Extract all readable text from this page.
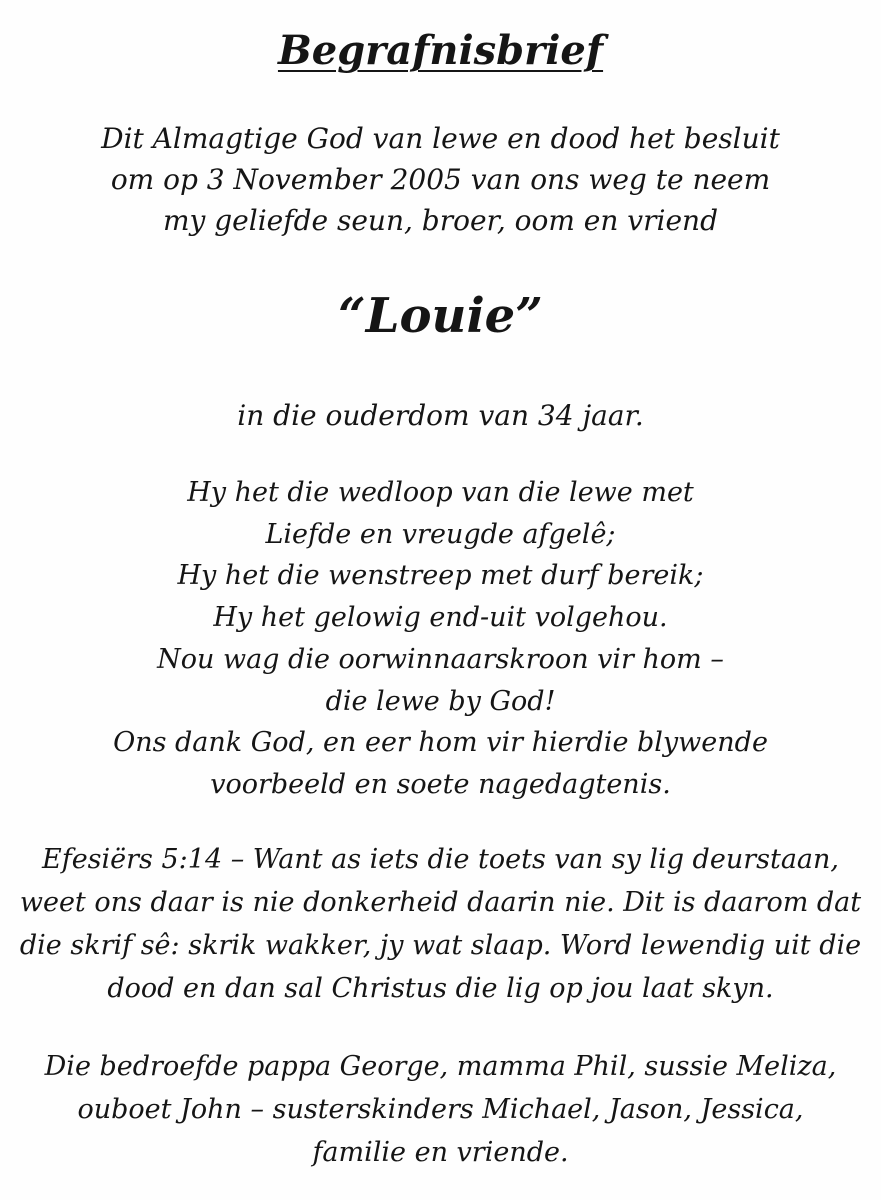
Begrafnisbrief
Dit Almagtige God van lewe en dood het besluit
om op 3 November 2005 van ons weg te neem
my geliefde seun, broer, oom en vriend
“Louie”
in die ouderdom van 34 jaar.
Hy het die wedloop van die lewe met
Liefde en vreugde afgelê;
Hy het die wenstreep met durf bereik;
Hy het gelowig end-uit volgehou.
Nou wag die oorwinnaarskroon vir hom –
die lewe by God!
Ons dank God, en eer hom vir hierdie blywende
voorbeeld en soete nagedagtenis.
Efesiërs 5:14 – Want as iets die toets van sy lig deurstaan,
weet ons daar is nie donkerheid daarin nie. Dit is daarom dat
die skrif sê: skrik wakker, jy wat slaap. Word lewendig uit die
dood en dan sal Christus die lig op jou laat skyn.
Die bedroefde pappa George, mamma Phil, sussie Meliza,
ouboet John – susterskinders Michael, Jason, Jessica,
familie en vriende.
